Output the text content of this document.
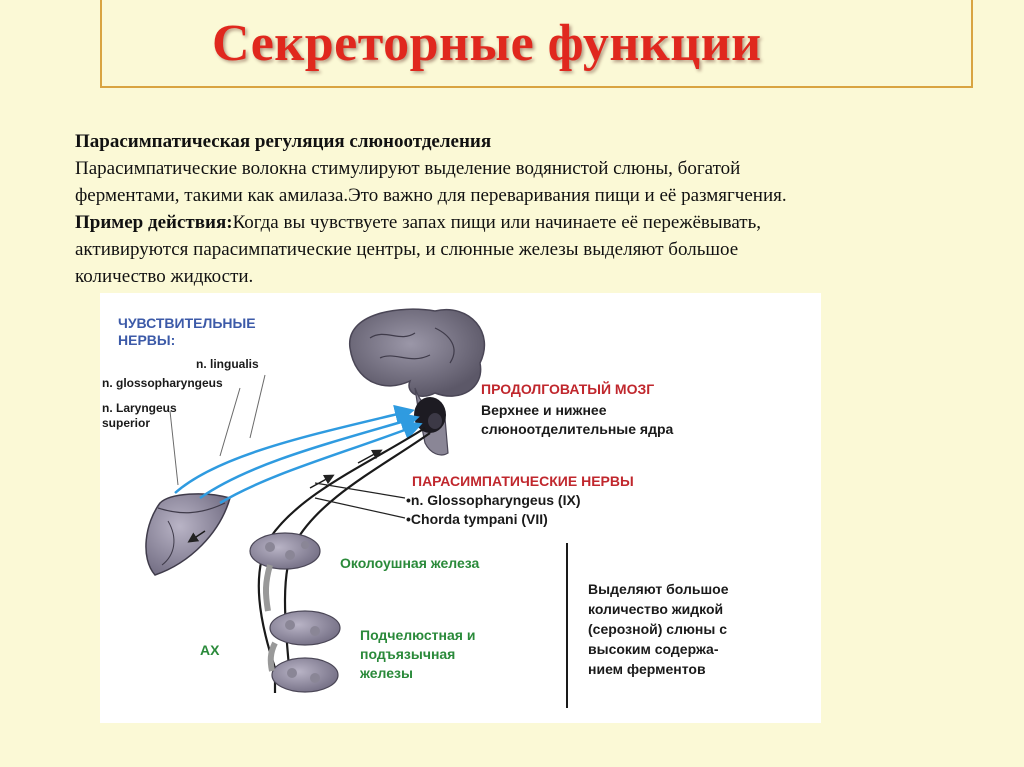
Секреторные функции

Парасимпатическая регуляция слюноотделения

Парасимпатические волокна стимулируют выделение водянистой слюны, богатой

ферментами, такими как амилаза.Это важно для переваривания пищи и её размягчения.

Пример действия:Когда вы чувствуете запах пищи или начинаете её пережёвывать,

активируются парасимпатические центры, и слюнные железы выделяют большое

количество жидкости.

ЧУВСТВИТЕЛЬНЫЕ
НЕРВЫ:
n. lingualis
n. glossopharyngeus
n. Laryngeus
superior
ПРОДОЛГОВАТЫЙ МОЗГ
Верхнее и нижнее
слюноотделительные ядра
ПАРАСИМПАТИЧЕСКИЕ НЕРВЫ
•n. Glossopharyngeus (IX)
•Chorda tympani (VII)
Околоушная железа
Подчелюстная и
подъязычная
железы
AX
Выделяют большое
количество жидкой
(серозной) слюны с
высоким содержа-
нием ферментов
